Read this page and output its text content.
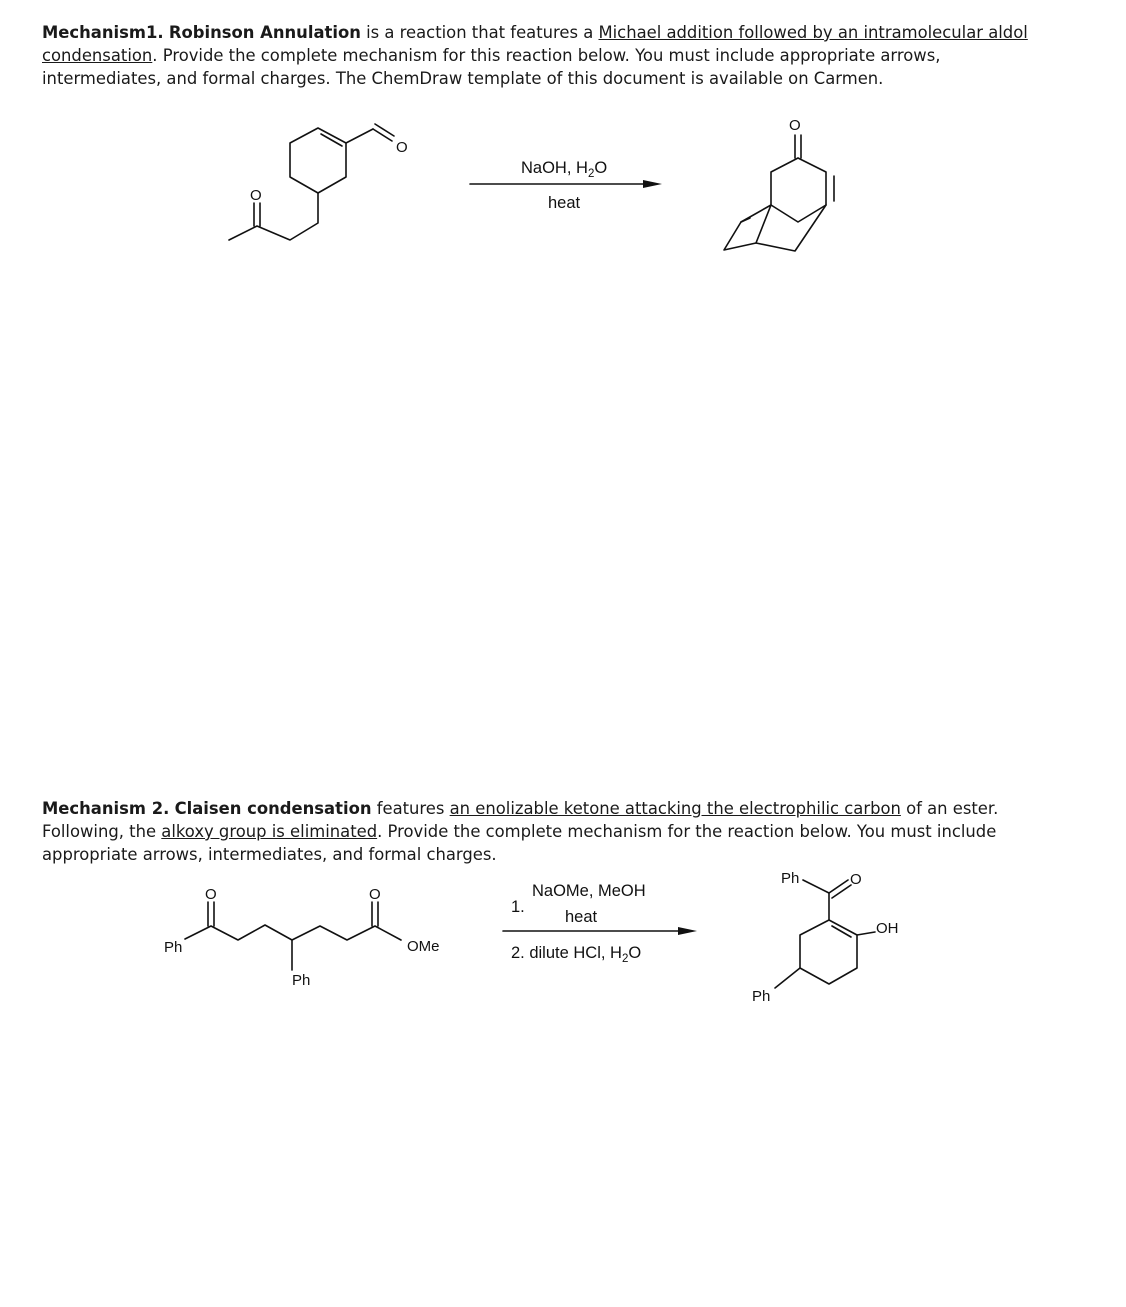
Mechanism1. Robinson Annulation is a reaction that features a Michael addition followed by an intramolecular aldol condensation. Provide the complete mechanism for this reaction below. You must include appropriate arrows, intermediates, and formal charges. The ChemDraw template of this document is available on Carmen.
O
O
NaOH, $H_2O$
heat
O
Mechanism 2. Claisen condensation features an enolizable ketone attacking the electrophilic carbon of an ester. Following, the alkoxy group is eliminated. Provide the complete mechanism for the reaction below. You must include appropriate arrows, intermediates, and formal charges.
Ph
O
Ph
O
OMe
1.
NaOMe, MeOH
heat
2. dilute HCl, $H_2O$
Ph	O
OH
Ph
